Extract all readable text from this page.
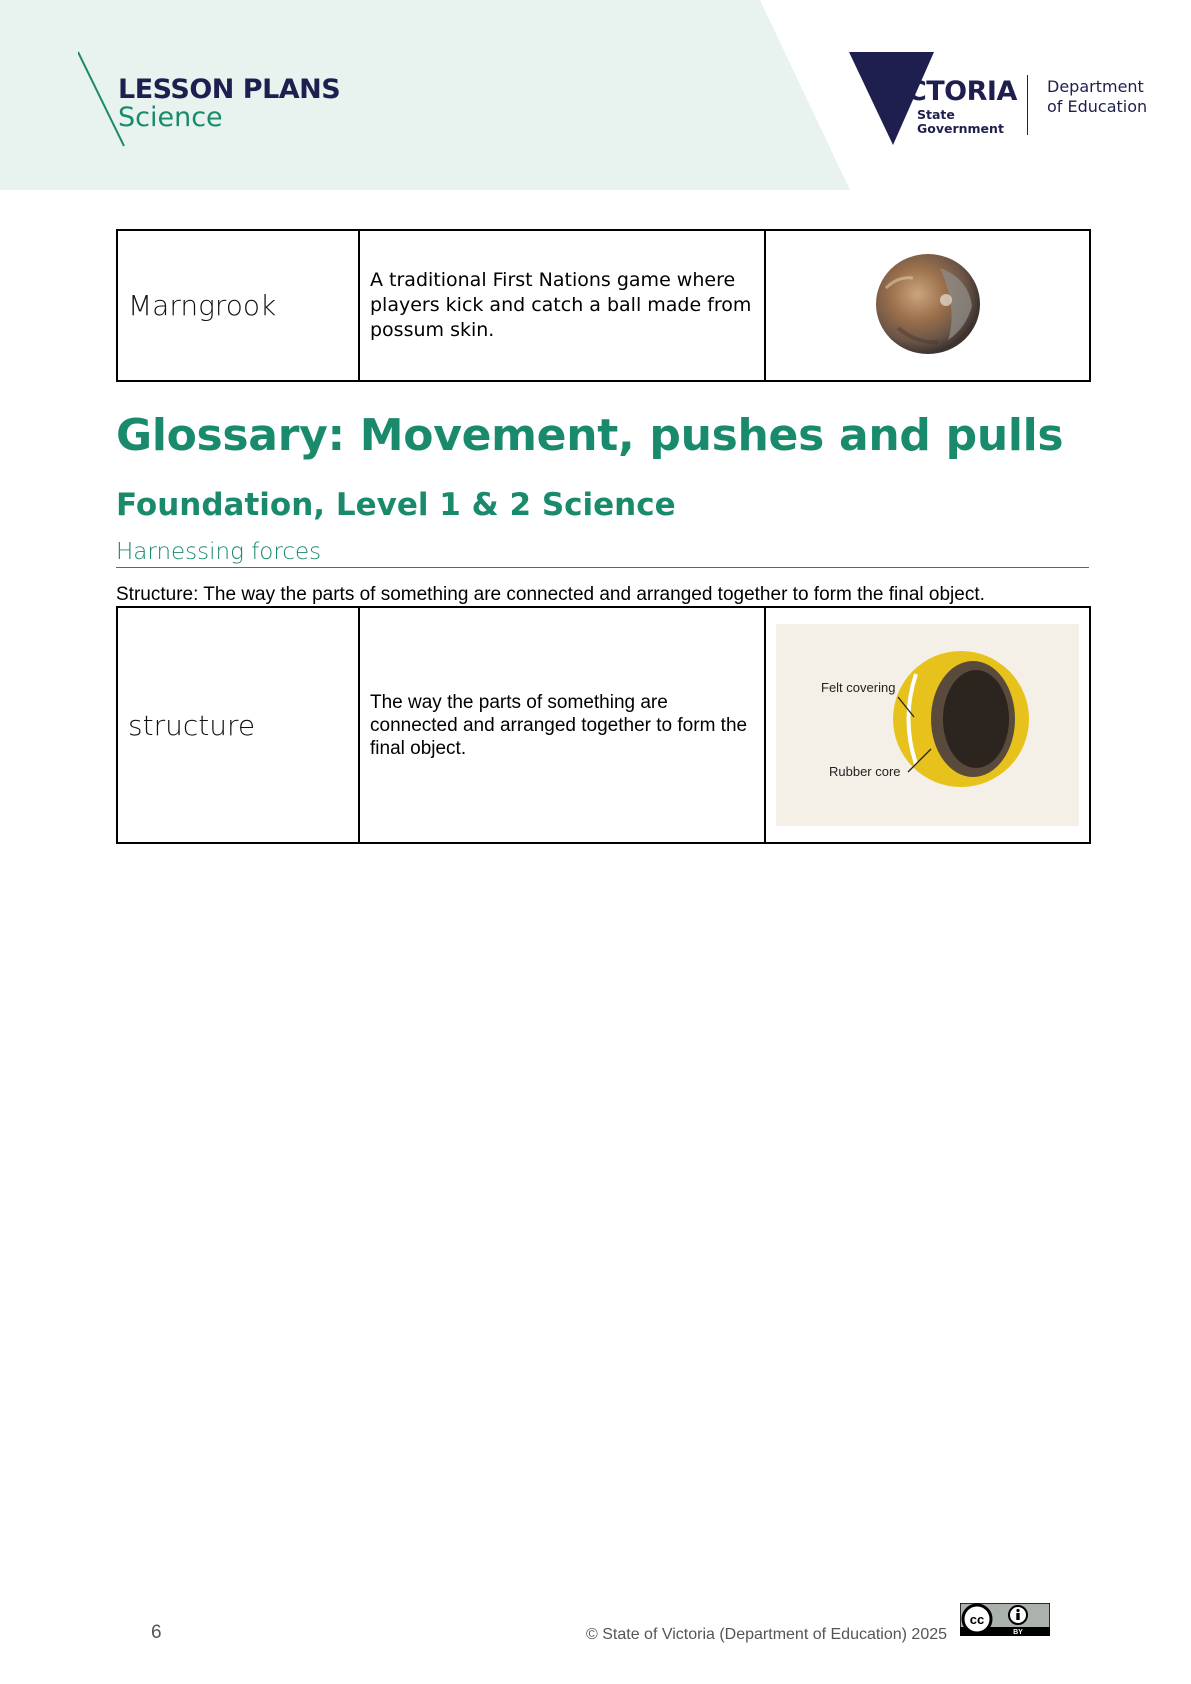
LESSON PLANS
Science
VICTORIA
State
Government
Department
of Education
Marngrook	A traditional First Nations game where players kick and catch a ball made from possum skin.	
Glossary: Movement, pushes and pulls
Foundation, Level 1 & 2 Science
Harnessing forces
Structure: The way the parts of something are connected and arranged together to form the final object.
structure	The way the parts of something are connected and arranged together to form the final object.	
Felt covering
Rubber core
6	© State of Victoria (Department of Education) 2025
cc
BY
